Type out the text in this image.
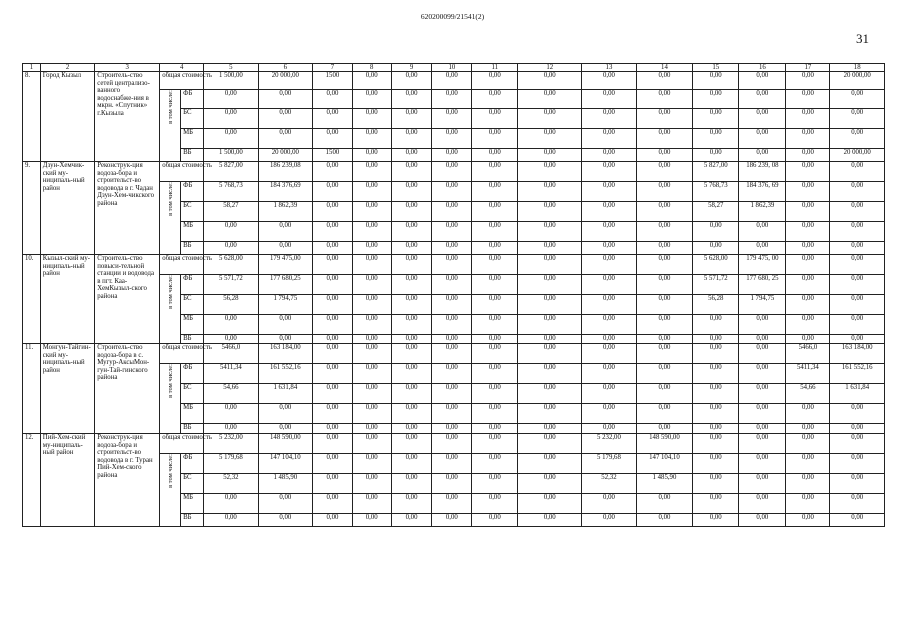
620200099/21541(2)
31
1	2	3	4		5	6	7	8	9	10	11	12	13	14	15	16	17	18
8.	Город Кызыл	Строитель-ство сетей централизо-ванного водоснабже-ния в мкрн. «Спутник» г.Кызыла	общая стоимость		1 500,00	20 000,00	1500	0,00	0,00	0,00	0,00	0,00	0,00	0,00	0,00	0,00	0,00	20 000,00
			в том числе:	ФБ	0,00	0,00	0,00	0,00	0,00	0,00	0,00	0,00	0,00	0,00	0,00	0,00	0,00	0,00
				БС	0,00	0,00	0,00	0,00	0,00	0,00	0,00	0,00	0,00	0,00	0,00	0,00	0,00	0,00
				МБ	0,00	0,00	0,00	0,00	0,00	0,00	0,00	0,00	0,00	0,00	0,00	0,00	0,00	0,00
				ВБ	1 500,00	20 000,00	1500	0,00	0,00	0,00	0,00	0,00	0,00	0,00	0,00	0,00	0,00	20 000,00
9.	Дзун-Хемчик-ский му-ниципаль-ный район	Реконструк-ция водоза-бора и строительст-во водовода в г. Чадан Дзун-Хем-чикского района	общая стоимость		5 827,00	186 239,08	0,00	0,00	0,00	0,00	0,00	0,00	0,00	0,00	5 827,00	186 239, 08	0,00	0,00
			в том числе:	ФБ	5 768,73	184 376,69	0,00	0,00	0,00	0,00	0,00	0,00	0,00	0,00	5 768,73	184 376, 69	0,00	0,00
				БС	58,27	1 862,39	0,00	0,00	0,00	0,00	0,00	0,00	0,00	0,00	58,27	1 862,39	0,00	0,00
				МБ	0,00	0,00	0,00	0,00	0,00	0,00	0,00	0,00	0,00	0,00	0,00	0,00	0,00	0,00
				ВБ	0,00	0,00	0,00	0,00	0,00	0,00	0,00	0,00	0,00	0,00	0,00	0,00	0,00	0,00
10.	Кызыл-ский му-ниципаль-ный район	Строитель-ство повыси-тельной станции и водовода в пгт. Каа-ХемКызыл-ского района	общая стоимость		5 628,00	179 475,00	0,00	0,00	0,00	0,00	0,00	0,00	0,00	0,00	5 628,00	179 475, 00	0,00	0,00
			в том числе:	ФБ	5 571,72	177 680,25	0,00	0,00	0,00	0,00	0,00	0,00	0,00	0,00	5 571,72	177 680, 25	0,00	0,00
				БС	56,28	1 794,75	0,00	0,00	0,00	0,00	0,00	0,00	0,00	0,00	56,28	1 794,75	0,00	0,00
				МБ	0,00	0,00	0,00	0,00	0,00	0,00	0,00	0,00	0,00	0,00	0,00	0,00	0,00	0,00
				ВБ	0,00	0,00	0,00	0,00	0,00	0,00	0,00	0,00	0,00	0,00	0,00	0,00	0,00	0,00
11.	Монгун-Тайгин-ский му-ниципаль-ный район	Строитель-ство водоза-бора в с. Мугур-АксыМон-гун-Тай-гинского района	общая стоимость		5466,0	163 184,00	0,00	0,00	0,00	0,00	0,00	0,00	0,00	0,00	0,00	0,00	5466,0	163 184,00
			в том числе:	ФБ	5411,34	161 552,16	0,00	0,00	0,00	0,00	0,00	0,00	0,00	0,00	0,00	0,00	5411,34	161 552,16
				БС	54,66	1 631,84	0,00	0,00	0,00	0,00	0,00	0,00	0,00	0,00	0,00	0,00	54,66	1 631,84
				МБ	0,00	0,00	0,00	0,00	0,00	0,00	0,00	0,00	0,00	0,00	0,00	0,00	0,00	0,00
				ВБ	0,00	0,00	0,00	0,00	0,00	0,00	0,00	0,00	0,00	0,00	0,00	0,00	0,00	0,00
12.	Пий-Хем-ский му-ниципаль-ный район	Реконструк-ция водоза-бора и строительст-во водовода в г. Туран Пий-Хем-ского района	общая стоимость		5 232,00	148 590,00	0,00	0,00	0,00	0,00	0,00	0,00	5 232,00	148 590,00	0,00	0,00	0,00	0,00
			в том числе:	ФБ	5 179,68	147 104,10	0,00	0,00	0,00	0,00	0,00	0,00	5 179,68	147 104,10	0,00	0,00	0,00	0,00
				БС	52,32	1 485,90	0,00	0,00	0,00	0,00	0,00	0,00	52,32	1 485,90	0,00	0,00	0,00	0,00
				МБ	0,00	0,00	0,00	0,00	0,00	0,00	0,00	0,00	0,00	0,00	0,00	0,00	0,00	0,00
				ВБ	0,00	0,00	0,00	0,00	0,00	0,00	0,00	0,00	0,00	0,00	0,00	0,00	0,00	0,00
